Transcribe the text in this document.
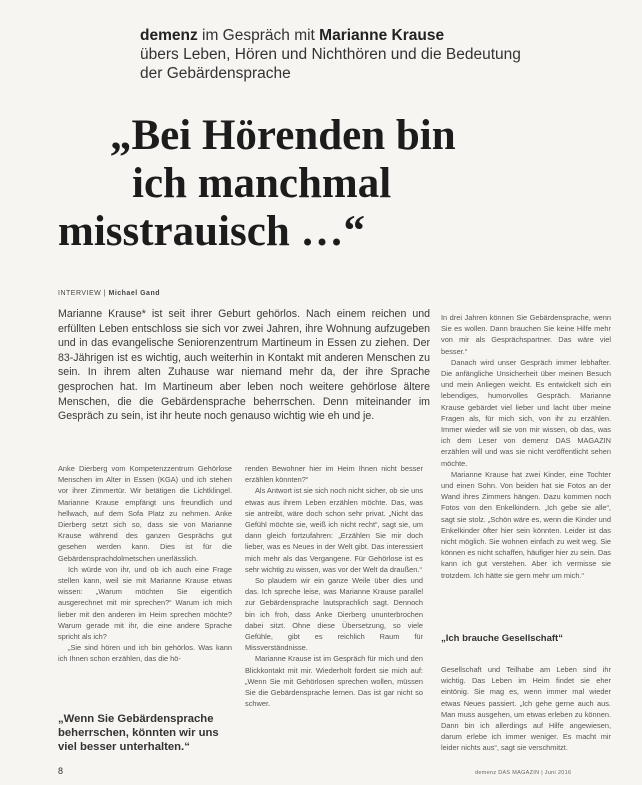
demenz im Gespräch mit Marianne Krause
übers Leben, Hören und Nichthören und die Bedeutung
der Gebärdensprache
„Bei Hörenden bin
ich manchmal
misstrauisch …“
INTERVIEW | Michael Gand
Marianne Krause* ist seit ihrer Geburt gehörlos. Nach einem reichen und erfüllten Leben entschloss sie sich vor zwei Jahren, ihre Wohnung aufzugeben und in das evangelische Seniorenzentrum Martineum in Essen zu ziehen. Der 83-Jährigen ist es wichtig, auch weiterhin in Kontakt mit anderen Menschen zu sein. In ihrem alten Zuhause war niemand mehr da, der ihre Sprache gesprochen hat. Im Martineum aber leben noch weitere gehörlose ältere Menschen, die die Gebärdensprache beherrschen. Denn miteinander im Gespräch zu sein, ist ihr heute noch genauso wichtig wie eh und je.

Anke Dierberg vom Kompetenzzentrum Gehörlose Menschen im Alter in Essen (KGA) und ich stehen vor ihrer Zimmertür. Wir betätigen die Lichtklingel. Marianne Krause empfängt uns freundlich und hellwach, auf dem Sofa Platz zu nehmen. Anke Dierberg setzt sich so, dass sie von Marianne Krause während des ganzen Gesprächs gut gesehen werden kann. Dies ist für die Gebärdensprachdolmetschen unerlässlich.

Ich würde von ihr, und ob ich auch eine Frage stellen kann, weil sie mit Marianne Krause etwas wissen: „Warum möchten Sie eigentlich ausgerechnet mit mir sprechen?“ Warum ich mich lieber mit den anderen im Heim sprechen möchte? Warum gerade mit ihr, die eine andere Sprache spricht als ich?

„Sie sind hören und ich bin gehörlos. Was kann ich Ihnen schon erzählen, das die hö-

renden Bewohner hier im Heim Ihnen nicht besser erzählen könnten?“

Als Antwort ist sie sich noch nicht sicher, ob sie uns etwas aus ihrem Leben erzählen möchte. Das, was sie antreibt, wäre doch schon sehr privat. „Nicht das Gefühl möchte sie, weiß ich nicht recht“, sagt sie, um dann gleich fortzufahren: „Erzählen Sie mir doch lieber, was es Neues in der Welt gibt. Das interessiert mich mehr als das Vergangene. Für Gehörlose ist es sehr wichtig zu wissen, was vor der Welt da draußen.“

So plaudern wir ein ganze Weile über dies und das. Ich spreche leise, was Marianne Krause parallel zur Gebärdensprache lautsprachlich sagt. Dennoch bin ich froh, dass Anke Dierberg ununterbrochen dabei sitzt. Ohne diese Übersetzung, so viele Gefühle, gibt es reichlich Raum für Missverständnisse.

Marianne Krause ist im Gespräch für mich und den Blickkontakt mit mir. Wiederholt fordert sie mich auf: „Wenn Sie mit Gehörlosen sprechen wollen, müssen Sie die Gebärdensprache lernen. Das ist gar nicht so schwer.

In drei Jahren können Sie Gebärdensprache, wenn Sie es wollen. Dann brauchen Sie keine Hilfe mehr von mir als Gesprächspartner. Das wäre viel besser.“

Danach wird unser Gespräch immer lebhafter. Die anfängliche Unsicherheit über meinen Besuch und mein Anliegen weicht. Es entwickelt sich ein lebendiges, humorvolles Gespräch. Marianne Krause gebärdet viel lieber und lacht über meine Fragen als, für mich sich, von ihr zu erzählen. Immer wieder will sie von mir wissen, ob das, was ich dem Leser von demenz DAS MAGAZIN erzählen will und was sie nicht veröffentlicht sehen möchte.

Marianne Krause hat zwei Kinder, eine Tochter und einen Sohn. Von beiden hat sie Fotos an der Wand ihres Zimmers hängen. Dazu kommen noch Fotos von den Enkelkindern. „Ich gebe sie alle“, sagt sie stolz. „Schön wäre es, wenn die Kinder und Enkelkinder öfter hier sein könnten. Leider ist das nicht möglich. Sie wohnen einfach zu weit weg. Sie können es nicht schaffen, häufiger hier zu sein. Das kann ich gut verstehen. Aber ich vermisse sie trotzdem. Ich hätte sie gern mehr um mich.“

„Ich brauche Gesellschaft“

Gesellschaft und Teilhabe am Leben sind ihr wichtig. Das Leben im Heim findet sie eher eintönig. Sie mag es, wenn immer mal wieder etwas Neues passiert. „Ich gehe gerne auch aus. Man muss ausgehen, um etwas erleben zu können. Dann bin ich allerdings auf Hilfe angewiesen, darum erlebe ich immer weniger. Es macht mir leider nichts aus“, sagt sie verschmitzt.

„Wenn Sie Gebärdensprache beherrschen, könnten wir uns viel besser unterhalten.“
8	demenz DAS MAGAZIN | Juni 2016
